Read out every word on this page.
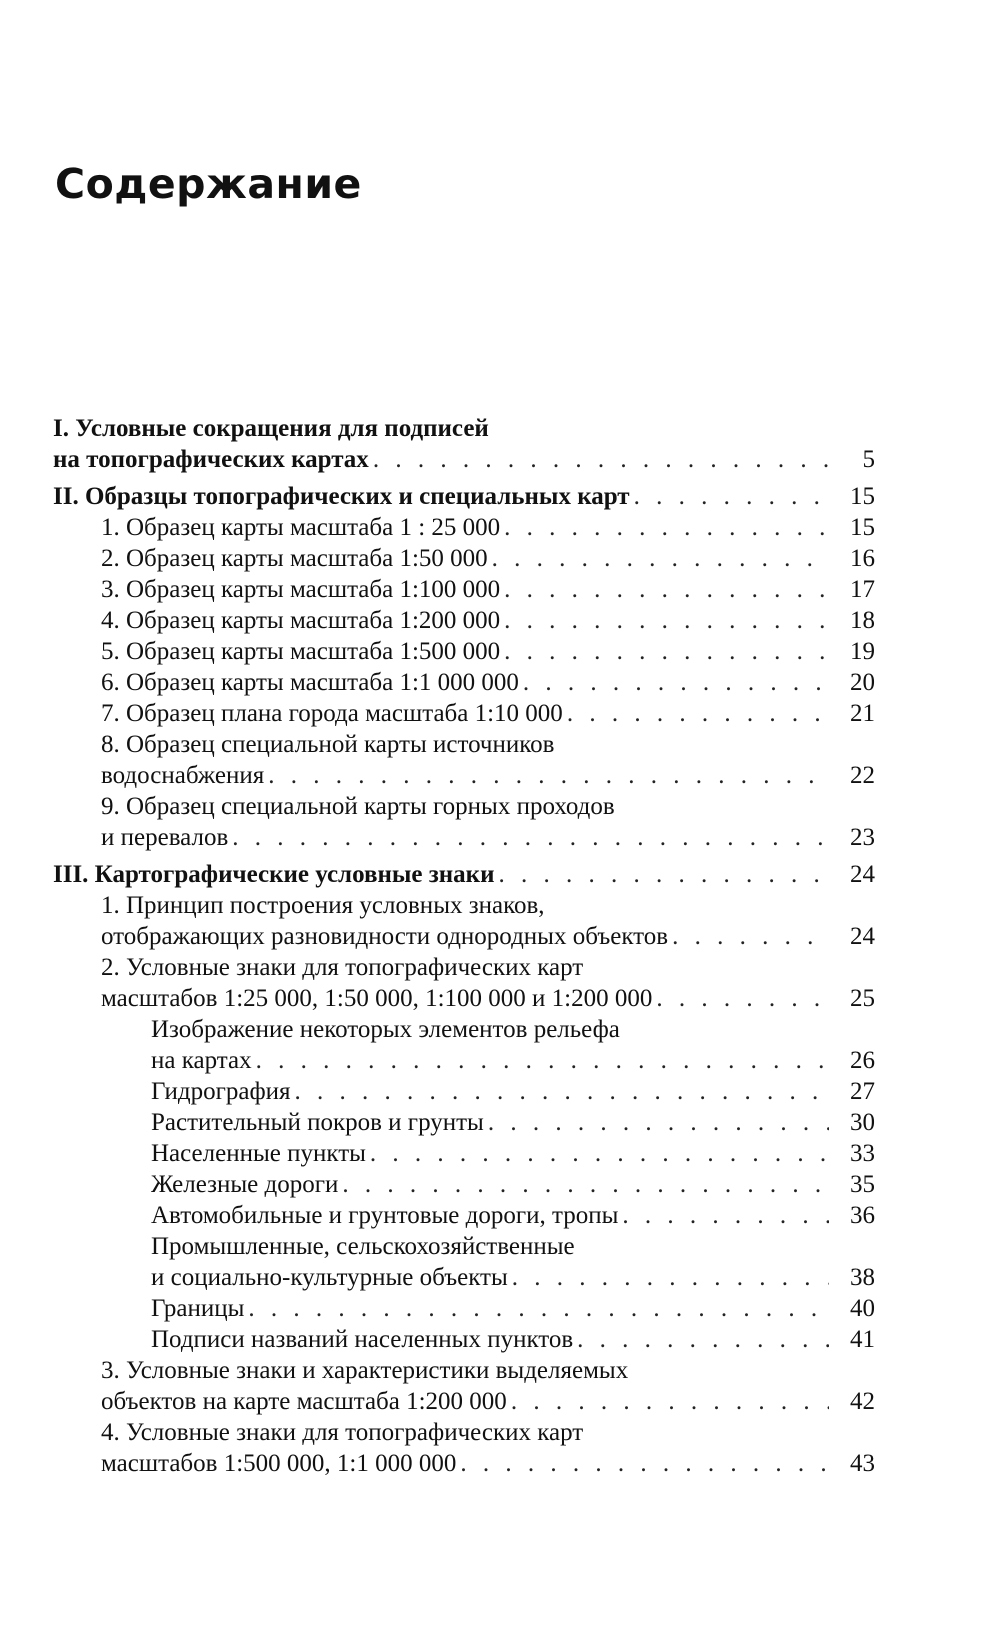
Содержание
I. Условные сокращения для подписей
на топографических картах . . .	5
II. Образцы топографических и специальных карт . . .	15
1. Образец карты масштаба 1 : 25 000 . . .	15
2. Образец карты масштаба 1:50 000 . . .	16
3. Образец карты масштаба 1:100 000 . . .	17
4. Образец карты масштаба 1:200 000 . . .	18
5. Образец карты масштаба 1:500 000 . . .	19
6. Образец карты масштаба 1:1 000 000 . . .	20
7. Образец плана города масштаба 1:10 000 . . .	21
8. Образец специальной карты источников
водоснабжения . . .	22
9. Образец специальной карты горных проходов
и перевалов . . .	23
III. Картографические условные знаки . . .	24
1. Принцип построения условных знаков,
отображающих разновидности однородных объектов . . .	24
2. Условные знаки для топографических карт
масштабов 1:25 000, 1:50 000, 1:100 000 и 1:200 000 . . .	25
Изображение некоторых элементов рельефа
на картах . . .	26
Гидрография . . .	27
Растительный покров и грунты . . .	30
Населенные пункты . . .	33
Железные дороги . . .	35
Автомобильные и грунтовые дороги, тропы . . .	36
Промышленные, сельскохозяйственные
и социально-культурные объекты . . .	38
Границы . . .	40
Подписи названий населенных пунктов . . .	41
3. Условные знаки и характеристики выделяемых
объектов на карте масштаба 1:200 000 . . .	42
4. Условные знаки для топографических карт
масштабов 1:500 000, 1:1 000 000 . . .	43
